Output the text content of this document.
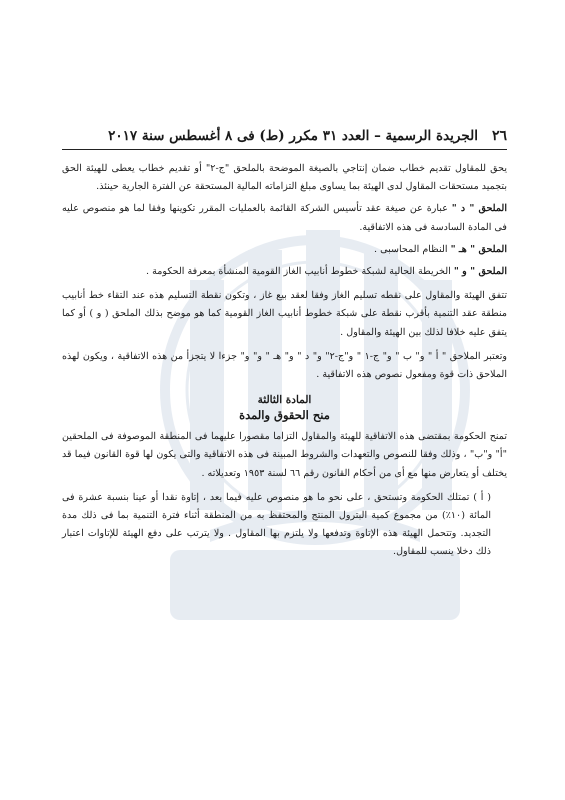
٢٦
الجريدة الرسمية – العدد ٣١ مكرر (ط) فى ٨ أغسطس سنة ٢٠١٧

يحق للمقاول تقديم خطاب ضمان إنتاجي بالصيغة الموضحة بالملحق "ج-٢" أو تقديم خطاب يعطى للهيئة الحق بتجميد مستحقات المقاول لدى الهيئة بما يساوى مبلغ التزاماته المالية المستحقة عن الفترة الجارية حينئذ.

الملحق " د " عبارة عن صيغة عقد تأسيس الشركة القائمة بالعمليات المقرر تكوينها وفقا لما هو منصوص عليه فى المادة السادسة فى هذه الاتفاقية.

الملحق " هـ " النظام المحاسبى .

الملحق " و " الخريطة الحالية لشبكة خطوط أنابيب الغاز القومية المنشأة بمعرفة الحكومة .

تتفق الهيئة والمقاول على نقطه تسليم الغاز وفقا لعقد بيع غاز ، وتكون نقطة التسليم هذه عند التقاء خط أنابيب منطقة عقد التنمية بأقرب نقطة على شبكة خطوط أنابيب الغاز القومية كما هو موضح بذلك الملحق ( و ) أو كما يتفق عليه خلافا لذلك بين الهيئة والمقاول .

وتعتبر الملاحق " أ " و" ب " و" ج-١ " و"ج-٢" و" د " و" هـ " و" و" جزءا لا يتجزأ من هذه الاتفاقية ، ويكون لهذه الملاحق ذات قوة ومفعول نصوص هذه الاتفاقية .

المادة الثالثة
منح الحقوق والمدة

تمنح الحكومة بمقتضى هذه الاتفاقية للهيئة والمقاول التزاما مقصورا عليهما فى المنطقة الموصوفة فى الملحقين "أ" و"ب" ، وذلك وفقا للنصوص والتعهدات والشروط المبينة فى هذه الاتفاقية والتى يكون لها قوة القانون فيما قد يختلف أو يتعارض منها مع أى من أحكام القانون رقم ٦٦ لسنة ١٩٥٣ وتعديلاته .

( أ ) تمتلك الحكومة وتستحق ، على نحو ما هو منصوص عليه فيما بعد ، إتاوة نقدا أو عينا بنسبة عشرة فى المائة (١٠٪) من مجموع كمية البترول المنتج والمحتفظ به من المنطقة أثناء فترة التنمية بما فى ذلك مدة التجديد. وتتحمل الهيئة هذه الإتاوة وتدفعها ولا يلتزم بها المقاول . ولا يترتب على دفع الهيئة للإتاوات اعتبار ذلك دخلا ينسب للمقاول.
